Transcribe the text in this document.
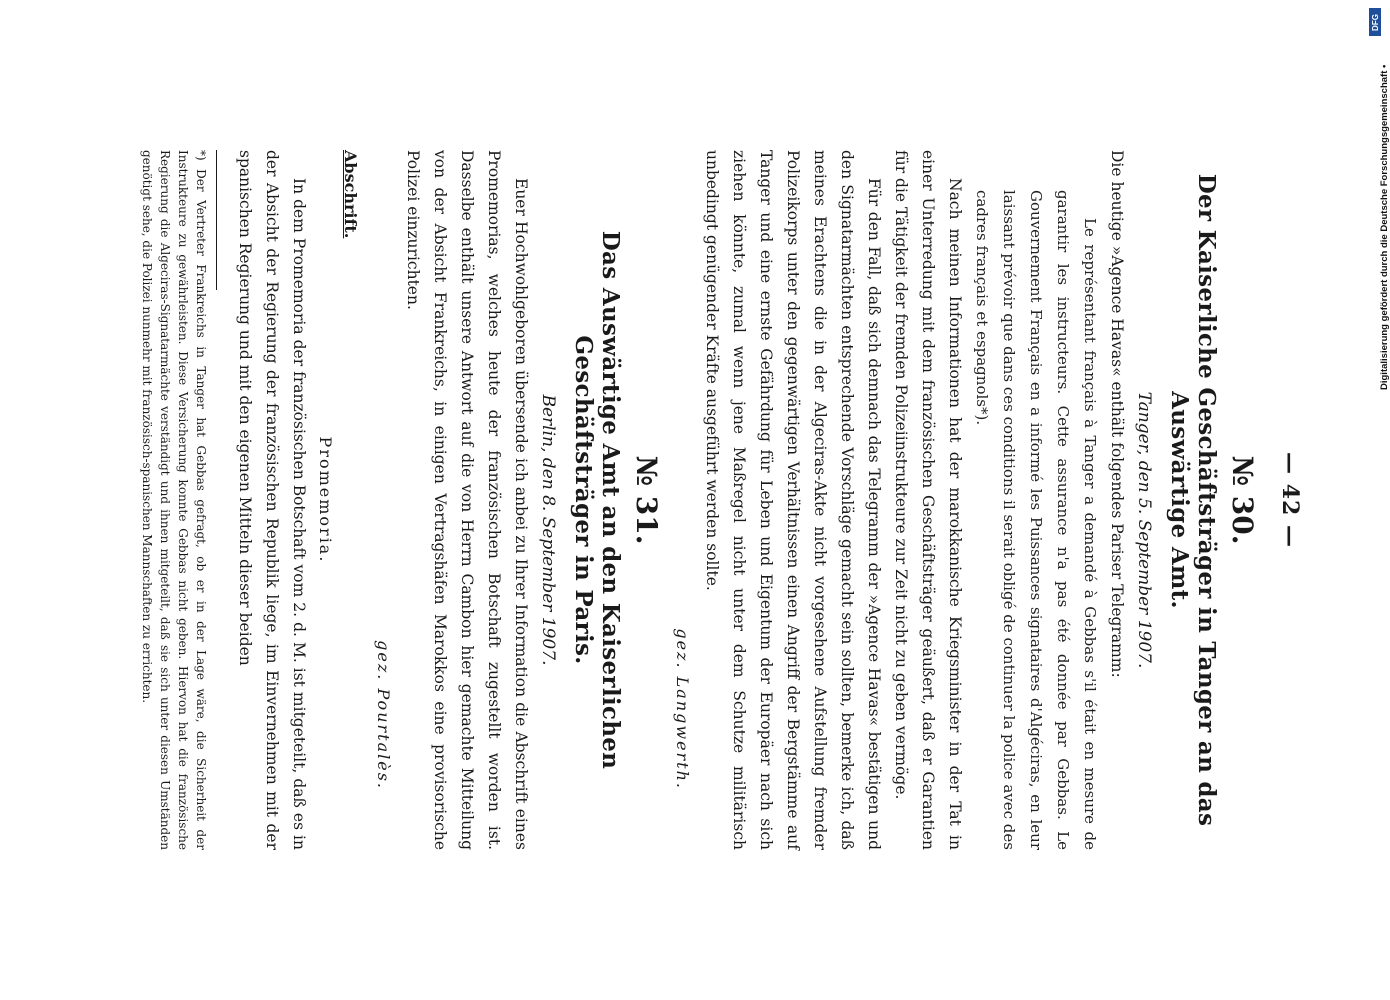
— 42 —
№ 30.
Der Kaiserliche Geschäftsträger in Tanger an das Auswärtige Amt.
Tanger, den 5. September 1907.

Die heutige »Agence Havas« enthält folgendes Pariser Telegramm:

Le représentant français à Tanger a demandé à Gebbas s'il était en mesure de garantir les instructeurs. Cette assurance n'a pas été donnée par Gebbas. Le Gouvernement Français en a informé les Puissances signataires d'Algéciras, en leur laissant prévoir que dans ces conditions il serait obligé de continuer la police avec des cadres français et espagnols*).

Nach meinen Informationen hat der marokkanische Kriegsminister in der Tat in einer Unterredung mit dem französischen Geschäftsträger geäußert, daß er Garantien für die Tätigkeit der fremden Polizeiinstrukteure zur Zeit nicht zu geben vermöge.

Für den Fall, daß sich demnach das Telegramm der »Agence Havas« bestätigen und den Signatarmächten entsprechende Vorschläge gemacht sein sollten, bemerke ich, daß meines Erachtens die in der Algeciras-Akte nicht vorgesehene Aufstellung fremder Polizeikorps unter den gegenwärtigen Verhältnissen einen Angriff der Bergstämme auf Tanger und eine ernste Gefährdung für Leben und Eigentum der Europäer nach sich ziehen könnte, zumal wenn jene Maßregel nicht unter dem Schutze militärisch unbedingt genügender Kräfte ausgeführt werden sollte.

gez. Langwerth.
№ 31.
Das Auswärtige Amt an den Kaiserlichen Geschäftsträger in Paris.
Berlin, den 8. September 1907.

Euer Hochwohlgeboren übersende ich anbei zu Ihrer Information die Abschrift eines Promemorias, welches heute der französischen Botschaft zugestellt worden ist. Dasselbe enthält unsere Antwort auf die von Herrn Cambon hier gemachte Mitteilung von der Absicht Frankreichs, in einigen Vertragshäfen Marokkos eine provisorische Polizei einzurichten.

gez. Pourtalès.
Abschrift.
Promemoria.

In dem Promemoria der französischen Botschaft vom 2. d. M. ist mitgeteilt, daß es in der Absicht der Regierung der französischen Republik liege, im Einvernehmen mit der spanischen Regierung und mit den eigenen Mitteln dieser beiden

*) Der Vertreter Frankreichs in Tanger hat Gebbas gefragt, ob er in der Lage wäre, die Sicherheit der Instrukteure zu gewährleisten. Diese Versicherung konnte Gebbas nicht geben. Hiervon hat die französische Regierung die Algeciras-Signatarmächte verständigt und ihnen mitgeteilt, daß sie sich unter diesen Umständen genötigt sehe, die Polizei nunmehr mit französisch-spanischen Mannschaften zu errichten.

DFG
Digitalisierung gefördert durch die Deutsche Forschungsgemeinschaft •
